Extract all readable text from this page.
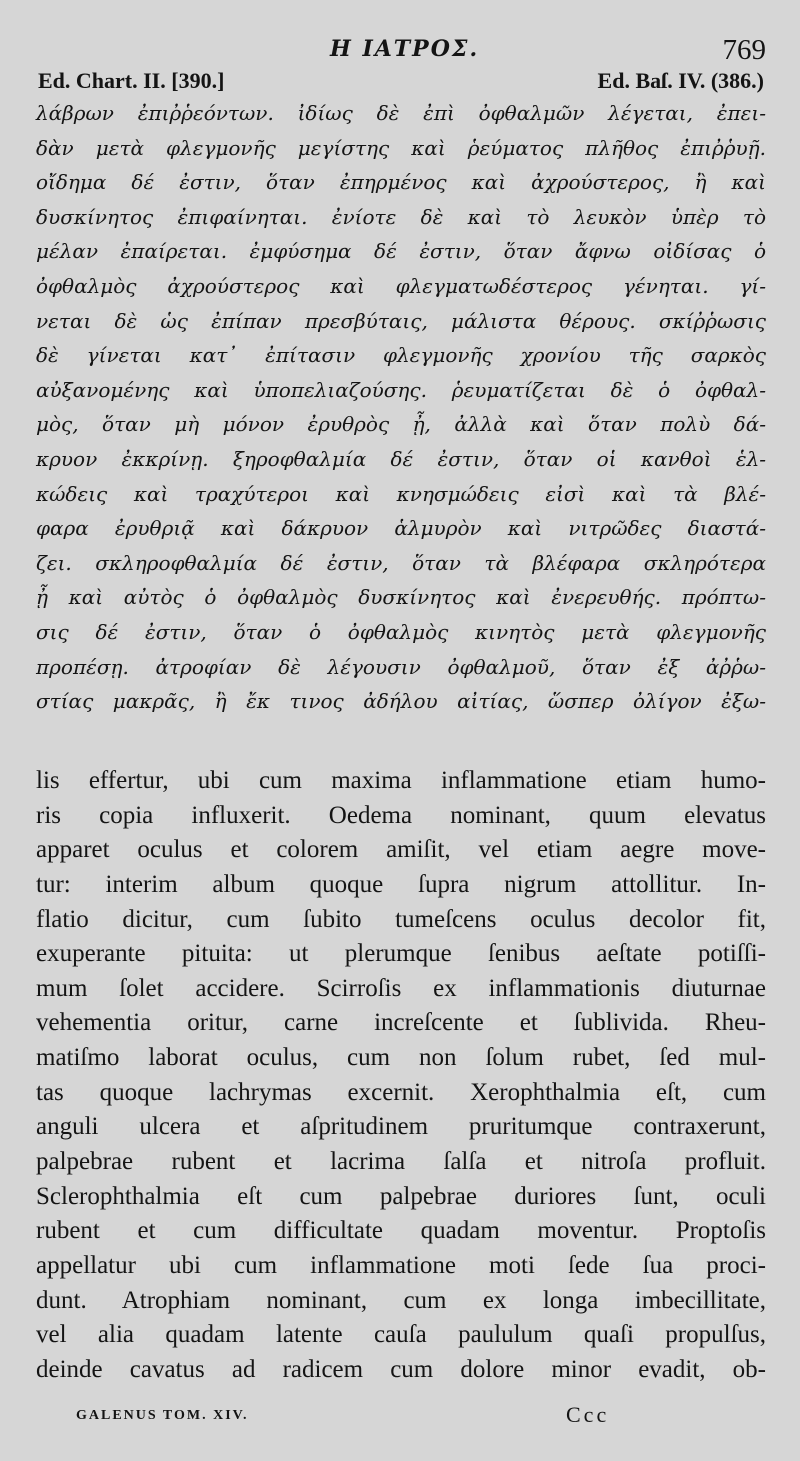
Η ΙΑΤΡΟΣ.	769
Ed. Chart. II. [390.]	Ed. Baſ. IV. (386.)
λάβρων ἐπιῤῥεόντων. ἰδίως δὲ ἐπὶ ὀφθαλμῶν λέγεται, ἐπει-
δὰν μετὰ φλεγμονῆς μεγίστης καὶ ῥεύματος πλῆθος ἐπιῤῥυῇ.
οἴδημα δέ ἐστιν, ὅταν ἐπηρμένος καὶ ἀχρούστερος, ἢ καὶ
δυσκίνητος ἐπιφαίνηται. ἐνίοτε δὲ καὶ τὸ λευκὸν ὑπὲρ τὸ
μέλαν ἐπαίρεται. ἐμφύσημα δέ ἐστιν, ὅταν ἄφνω οἰδίσας ὁ
ὀφθαλμὸς ἀχρούστερος καὶ φλεγματωδέστερος γένηται. γί-
νεται δὲ ὡς ἐπίπαν πρεσβύταις, μάλιστα θέρους. σκίῤῥωσις
δὲ γίνεται κατ᾽ ἐπίτασιν φλεγμονῆς χρονίου τῆς σαρκὸς
αὐξανομένης καὶ ὑποπελιαζούσης. ῥευματίζεται δὲ ὁ ὀφθαλ-
μὸς, ὅταν μὴ μόνον ἐρυθρὸς ᾖ, ἀλλὰ καὶ ὅταν πολὺ δά-
κρυον ἐκκρίνῃ. ξηροφθαλμία δέ ἐστιν, ὅταν οἱ κανθοὶ ἑλ-
κώδεις καὶ τραχύτεροι καὶ κνησμώδεις εἰσὶ καὶ τὰ βλέ-
φαρα ἐρυθριᾷ καὶ δάκρυον ἁλμυρὸν καὶ νιτρῶδες διαστά-
ζει. σκληροφθαλμία δέ ἐστιν, ὅταν τὰ βλέφαρα σκληρότερα
ᾖ καὶ αὐτὸς ὁ ὀφθαλμὸς δυσκίνητος καὶ ἐνερευθής. πρόπτω-
σις δέ ἐστιν, ὅταν ὁ ὀφθαλμὸς κινητὸς μετὰ φλεγμονῆς
προπέσῃ. ἀτροφίαν δὲ λέγουσιν ὀφθαλμοῦ, ὅταν ἐξ ἀῤῥω-
στίας μακρᾶς, ἢ ἔκ τινος ἀδήλου αἰτίας, ὥσπερ ὀλίγον ἐξω-
lis effertur, ubi cum maxima inflammatione etiam humo-
ris copia influxerit. Oedema nominant, quum elevatus
apparet oculus et colorem amiſit, vel etiam aegre move-
tur: interim album quoque ſupra nigrum attollitur. In-
flatio dicitur, cum ſubito tumeſcens oculus decolor fit,
exuperante pituita: ut plerumque ſenibus aeſtate potiſſi-
mum ſolet accidere. Scirroſis ex inflammationis diuturnae
vehementia oritur, carne increſcente et ſublivida. Rheu-
matiſmo laborat oculus, cum non ſolum rubet, ſed mul-
tas quoque lachrymas excernit. Xerophthalmia eſt, cum
anguli ulcera et aſpritudinem pruritumque contraxerunt,
palpebrae rubent et lacrima ſalſa et nitroſa profluit.
Sclerophthalmia eſt cum palpebrae duriores ſunt, oculi
rubent et cum difficultate quadam moventur. Proptoſis
appellatur ubi cum inflammatione moti ſede ſua proci-
dunt. Atrophiam nominant, cum ex longa imbecillitate,
vel alia quadam latente cauſa paululum quaſi propulſus,
deinde cavatus ad radicem cum dolore minor evadit, ob-
GALENUS TOM. XIV.	Ccc
